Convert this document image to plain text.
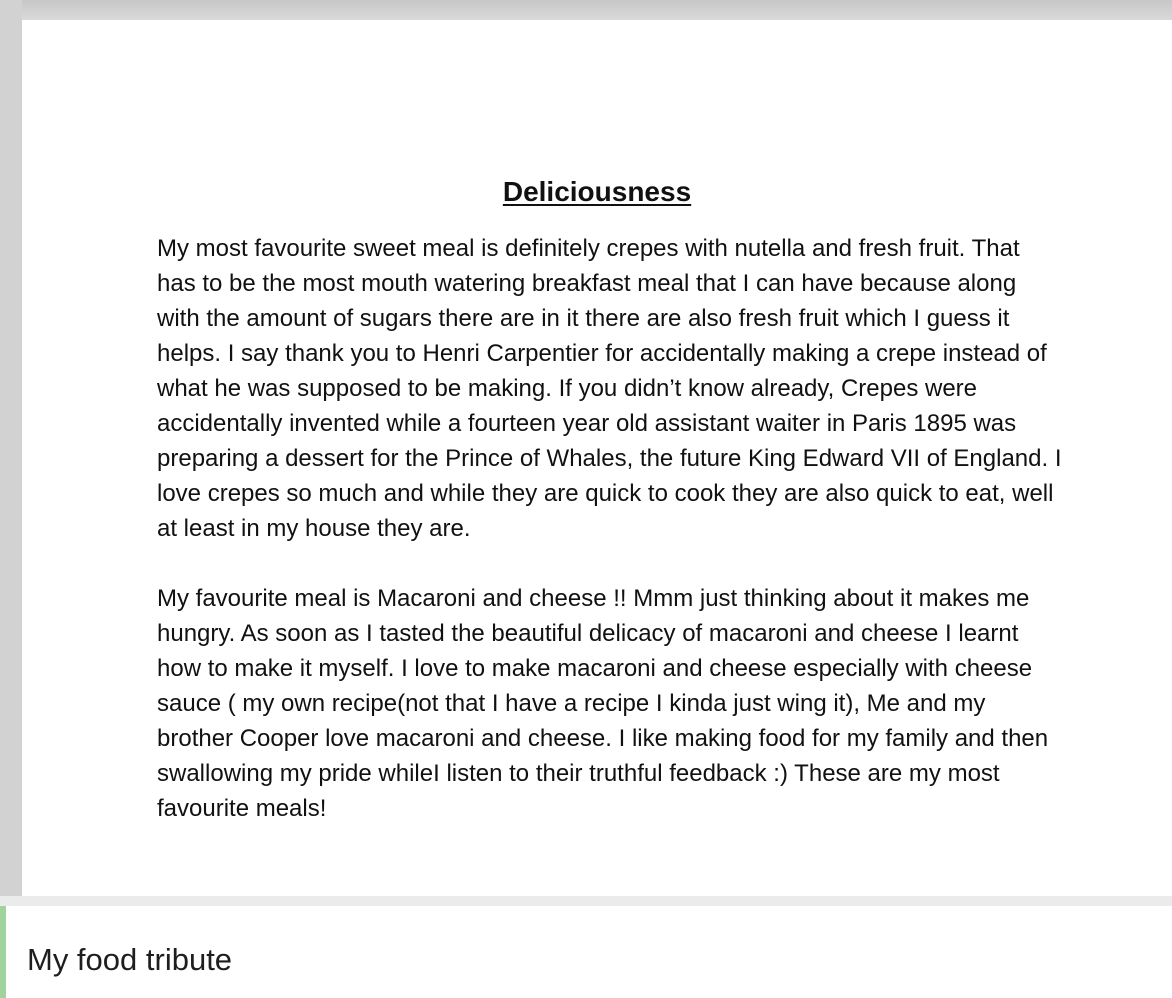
Deliciousness

My most favourite sweet meal is definitely crepes with nutella and fresh fruit. That has to be the most mouth watering breakfast meal that I can have because along with the amount of sugars there are in it there are also fresh fruit which I guess it helps. I say thank you to Henri Carpentier for accidentally making a crepe instead of what he was supposed to be making. If you didn’t know already, Crepes were accidentally invented while a fourteen year old assistant waiter in Paris 1895 was preparing a dessert for the Prince of Whales, the future King Edward VII of England. I love crepes so much and while they are quick to cook they are also quick to eat, well at least in my house they are.

My favourite meal is Macaroni and cheese !! Mmm just thinking about it makes me hungry. As soon as I tasted the beautiful delicacy of macaroni and cheese I learnt how to make it myself. I love to make macaroni and cheese especially with cheese sauce ( my own recipe(not that I have a recipe I kinda just wing it), Me and my brother Cooper love macaroni and cheese. I like making food for my family and then swallowing my pride whileI listen to their truthful feedback :) These are my most favourite meals!

My food tribute
